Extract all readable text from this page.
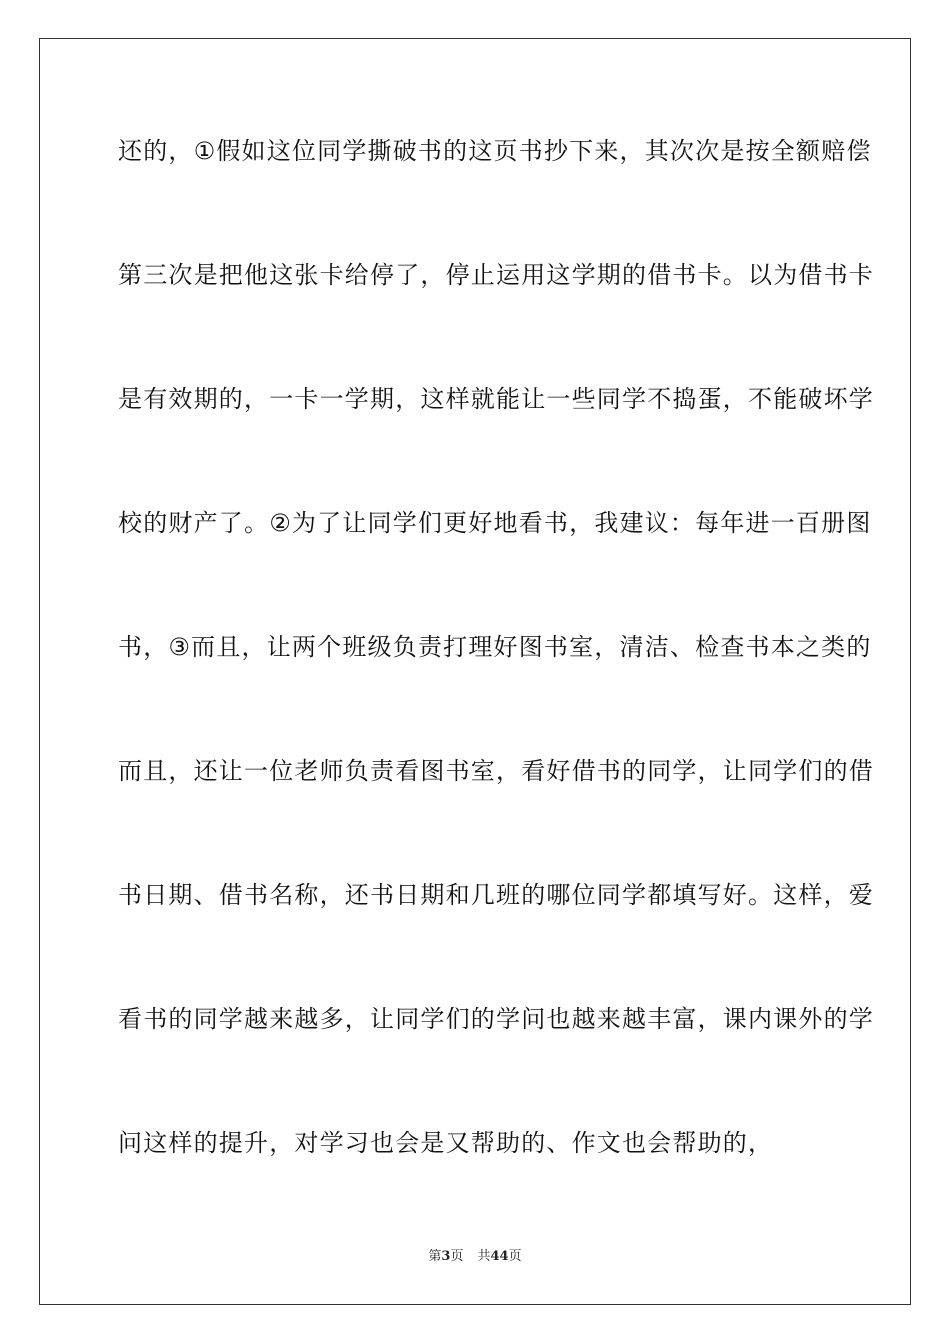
还的，①假如这位同学撕破书的这页书抄下来，其次次是按全额赔偿
第三次是把他这张卡给停了，停止运用这学期的借书卡。以为借书卡
是有效期的，一卡一学期，这样就能让一些同学不捣蛋，不能破坏学
校的财产了。②为了让同学们更好地看书，我建议：每年进一百册图
书，③而且，让两个班级负责打理好图书室，清洁、检查书本之类的
而且，还让一位老师负责看图书室，看好借书的同学，让同学们的借
书日期、借书名称，还书日期和几班的哪位同学都填写好。这样，爱
看书的同学越来越多，让同学们的学问也越来越丰富，课内课外的学
问这样的提升，对学习也会是又帮助的、作文也会帮助的，
第3页 共44页
